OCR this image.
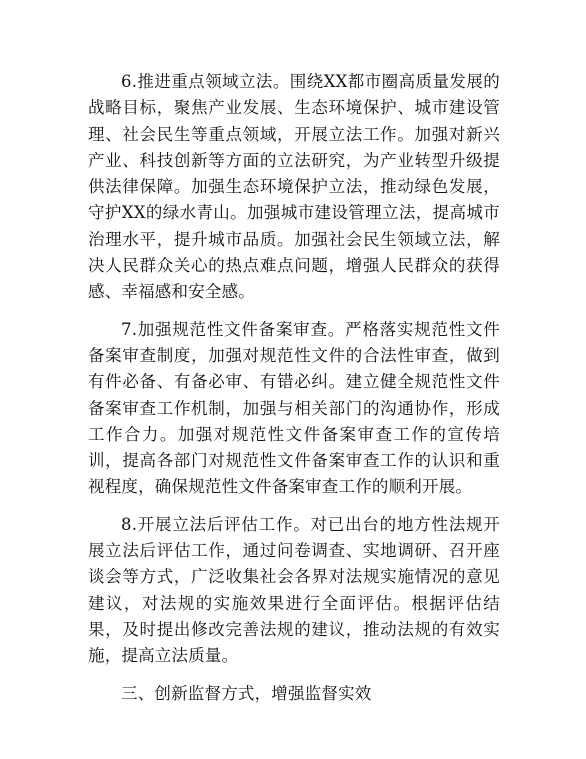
6.推进重点领域立法。围绕XX都市圈高质量发展的战略目标，聚焦产业发展、生态环境保护、城市建设管理、社会民生等重点领域，开展立法工作。加强对新兴产业、科技创新等方面的立法研究，为产业转型升级提供法律保障。加强生态环境保护立法，推动绿色发展，守护XX的绿水青山。加强城市建设管理立法，提高城市治理水平，提升城市品质。加强社会民生领域立法，解决人民群众关心的热点难点问题，增强人民群众的获得感、幸福感和安全感。

7.加强规范性文件备案审查。严格落实规范性文件备案审查制度，加强对规范性文件的合法性审查，做到有件必备、有备必审、有错必纠。建立健全规范性文件备案审查工作机制，加强与相关部门的沟通协作，形成工作合力。加强对规范性文件备案审查工作的宣传培训，提高各部门对规范性文件备案审查工作的认识和重视程度，确保规范性文件备案审查工作的顺利开展。

8.开展立法后评估工作。对已出台的地方性法规开展立法后评估工作，通过问卷调查、实地调研、召开座谈会等方式，广泛收集社会各界对法规实施情况的意见建议，对法规的实施效果进行全面评估。根据评估结果，及时提出修改完善法规的建议，推动法规的有效实施，提高立法质量。

三、创新监督方式，增强监督实效
